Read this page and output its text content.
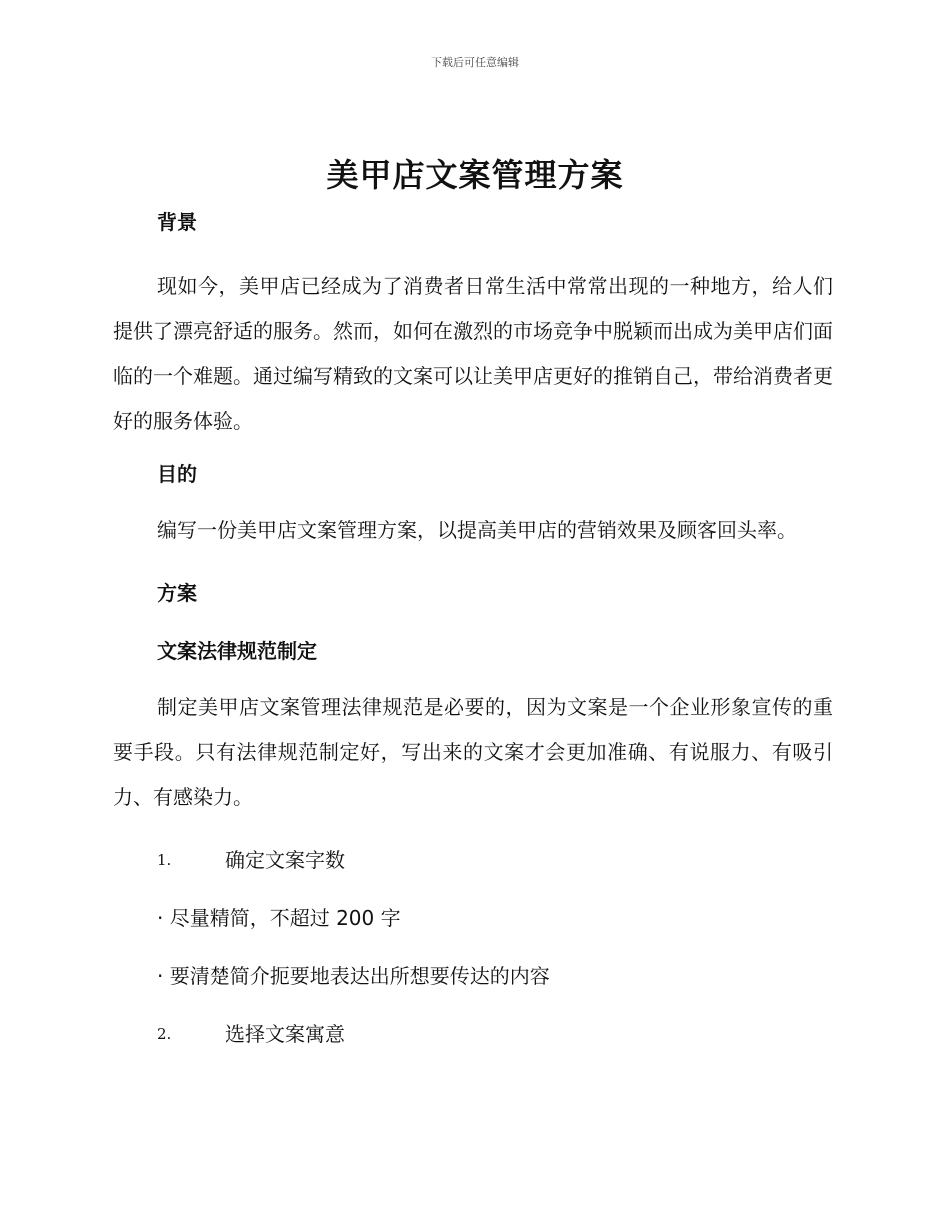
下载后可任意编辑
美甲店文案管理方案

背景

现如今，美甲店已经成为了消费者日常生活中常常出现的一种地方，给人们提供了漂亮舒适的服务。然而，如何在激烈的市场竞争中脱颖而出成为美甲店们面临的一个难题。通过编写精致的文案可以让美甲店更好的推销自己，带给消费者更好的服务体验。

目的

编写一份美甲店文案管理方案，以提高美甲店的营销效果及顾客回头率。

方案

文案法律规范制定

制定美甲店文案管理法律规范是必要的，因为文案是一个企业形象宣传的重要手段。只有法律规范制定好，写出来的文案才会更加准确、有说服力、有吸引力、有感染力。

1.	确定文案字数

· 尽量精简，不超过 200 字

· 要清楚简介扼要地表达出所想要传达的内容

2.	选择文案寓意
